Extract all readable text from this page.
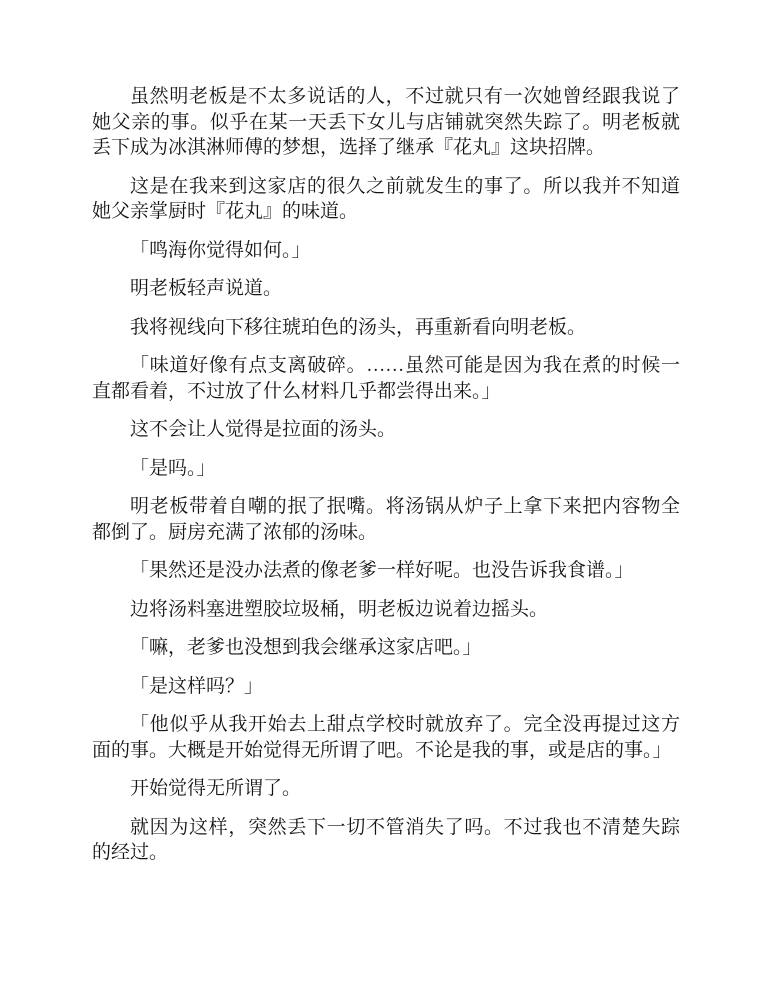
虽然明老板是不太多说话的人，不过就只有一次她曾经跟我说了她父亲的事。似乎在某一天丢下女儿与店铺就突然失踪了。明老板就丢下成为冰淇淋师傅的梦想，选择了继承『花丸』这块招牌。

这是在我来到这家店的很久之前就发生的事了。所以我并不知道她父亲掌厨时『花丸』的味道。

「鸣海你觉得如何。」

明老板轻声说道。

我将视线向下移往琥珀色的汤头，再重新看向明老板。

「味道好像有点支离破碎。……虽然可能是因为我在煮的时候一直都看着，不过放了什么材料几乎都尝得出来。」

这不会让人觉得是拉面的汤头。

「是吗。」

明老板带着自嘲的抿了抿嘴。将汤锅从炉子上拿下来把内容物全都倒了。厨房充满了浓郁的汤味。

「果然还是没办法煮的像老爹一样好呢。也没告诉我食谱。」

边将汤料塞进塑胶垃圾桶，明老板边说着边摇头。

「嘛，老爹也没想到我会继承这家店吧。」

「是这样吗？」

「他似乎从我开始去上甜点学校时就放弃了。完全没再提过这方面的事。大概是开始觉得无所谓了吧。不论是我的事，或是店的事。」

开始觉得无所谓了。

就因为这样，突然丢下一切不管消失了吗。不过我也不清楚失踪的经过。
